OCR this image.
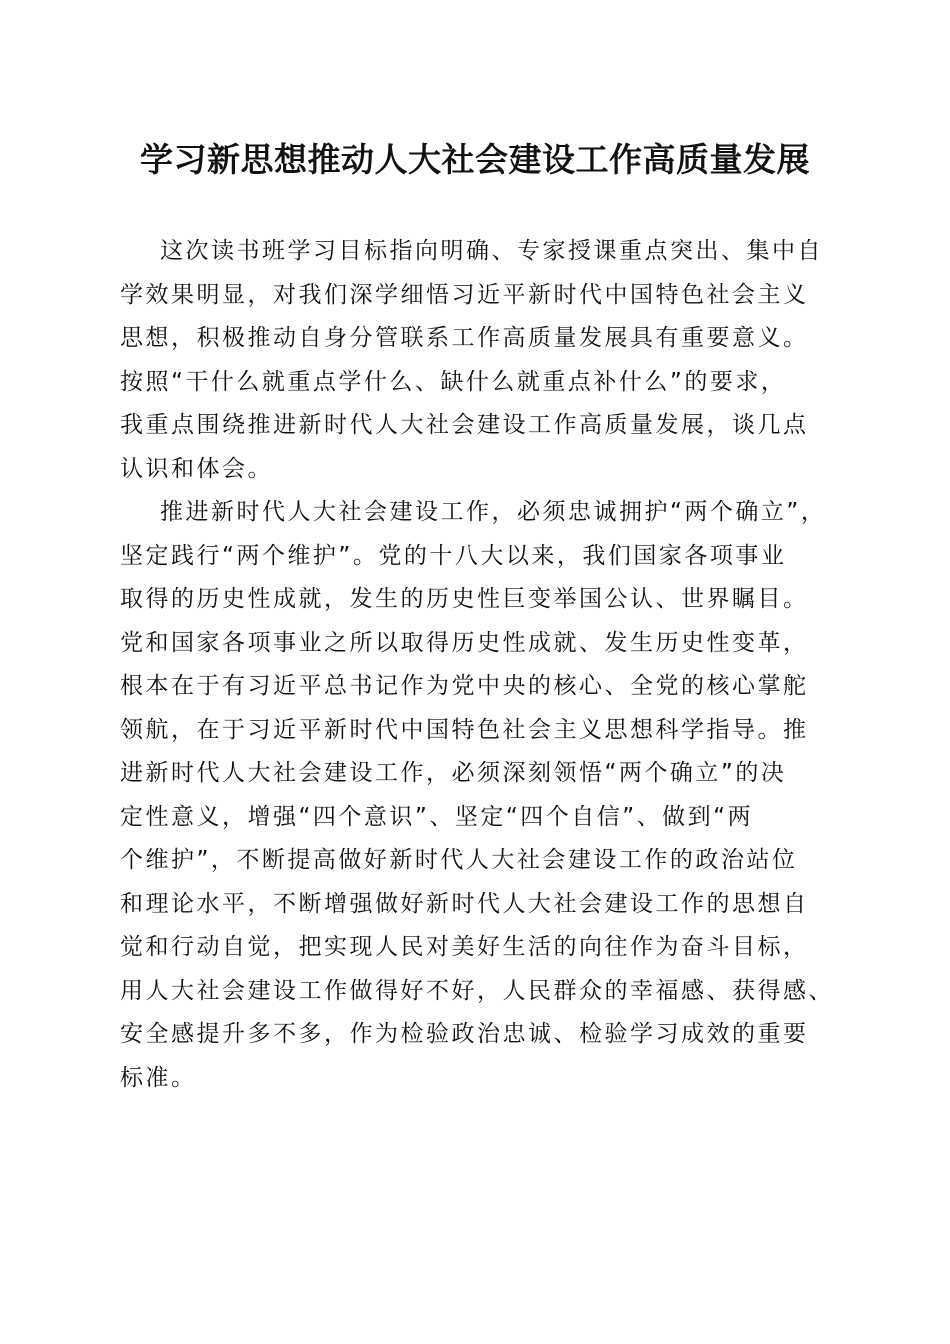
学习新思想推动人大社会建设工作高质量发展

这次读书班学习目标指向明确、专家授课重点突出、集中自
学效果明显，对我们深学细悟习近平新时代中国特色社会主义
思想，积极推动自身分管联系工作高质量发展具有重要意义。
按照“干什么就重点学什么、缺什么就重点补什么”的要求，
我重点围绕推进新时代人大社会建设工作高质量发展，谈几点
认识和体会。

推进新时代人大社会建设工作，必须忠诚拥护“两个确立”，
坚定践行“两个维护”。党的十八大以来，我们国家各项事业
取得的历史性成就，发生的历史性巨变举国公认、世界瞩目。
党和国家各项事业之所以取得历史性成就、发生历史性变革，
根本在于有习近平总书记作为党中央的核心、全党的核心掌舵
领航，在于习近平新时代中国特色社会主义思想科学指导。推
进新时代人大社会建设工作，必须深刻领悟“两个确立”的决
定性意义，增强“四个意识”、坚定“四个自信”、做到“两
个维护”，不断提高做好新时代人大社会建设工作的政治站位
和理论水平，不断增强做好新时代人大社会建设工作的思想自
觉和行动自觉，把实现人民对美好生活的向往作为奋斗目标，
用人大社会建设工作做得好不好，人民群众的幸福感、获得感、
安全感提升多不多，作为检验政治忠诚、检验学习成效的重要
标准。
